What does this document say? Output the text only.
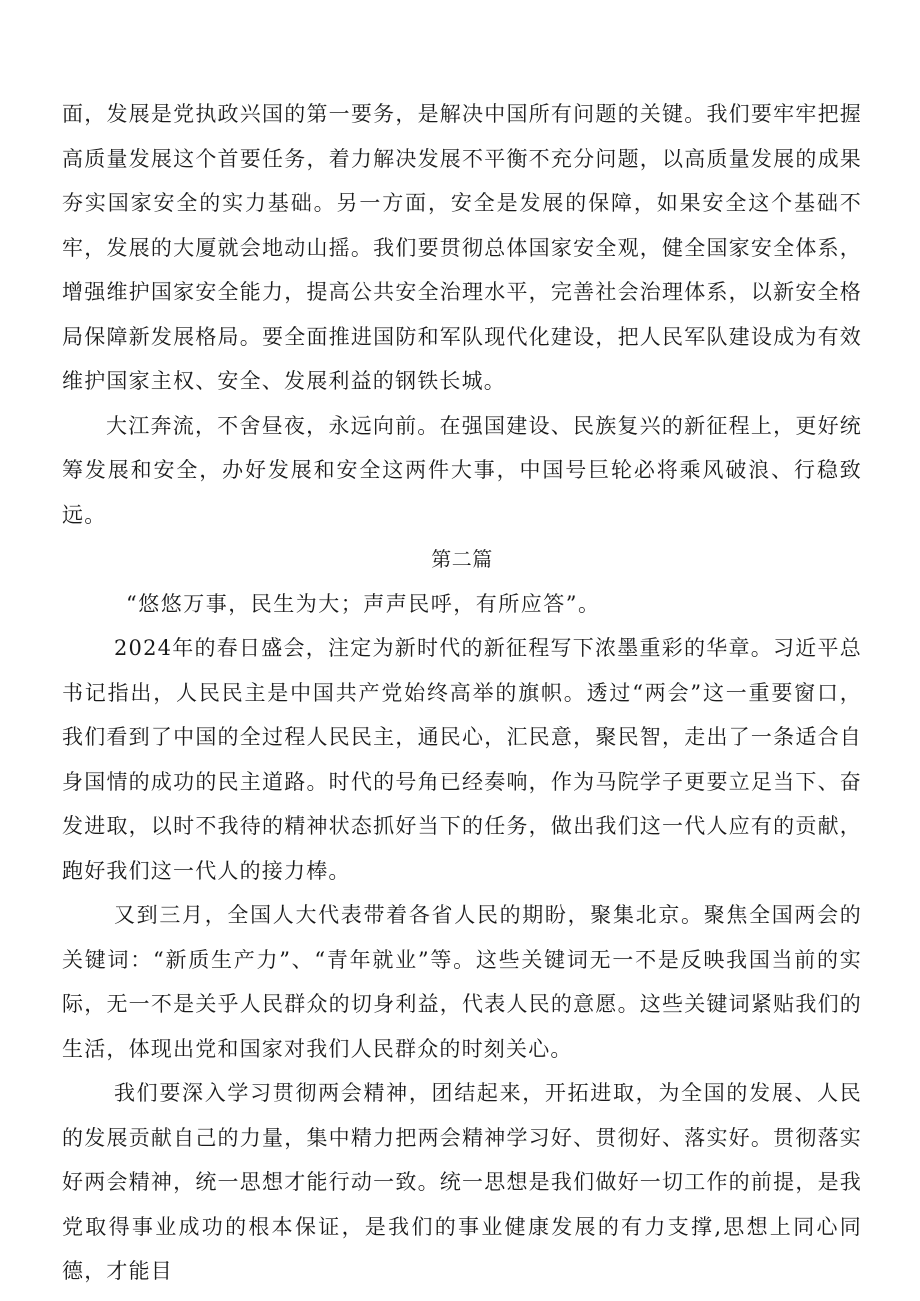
面，发展是党执政兴国的第一要务，是解决中国所有问题的关键。我们要牢牢把握高质量发展这个首要任务，着力解决发展不平衡不充分问题，以高质量发展的成果夯实国家安全的实力基础。另一方面，安全是发展的保障，如果安全这个基础不牢，发展的大厦就会地动山摇。我们要贯彻总体国家安全观，健全国家安全体系，增强维护国家安全能力，提高公共安全治理水平，完善社会治理体系，以新安全格局保障新发展格局。要全面推进国防和军队现代化建设，把人民军队建设成为有效维护国家主权、安全、发展利益的钢铁长城。

大江奔流，不舍昼夜，永远向前。在强国建设、民族复兴的新征程上，更好统筹发展和安全，办好发展和安全这两件大事，中国号巨轮必将乘风破浪、行稳致远。

第二篇

“悠悠万事，民生为大；声声民呼，有所应答”。

2024年的春日盛会，注定为新时代的新征程写下浓墨重彩的华章。习近平总书记指出，人民民主是中国共产党始终高举的旗帜。透过“两会”这一重要窗口，我们看到了中国的全过程人民民主，通民心，汇民意，聚民智，走出了一条适合自身国情的成功的民主道路。时代的号角已经奏响，作为马院学子更要立足当下、奋发进取，以时不我待的精神状态抓好当下的任务，做出我们这一代人应有的贡献，跑好我们这一代人的接力棒。

又到三月，全国人大代表带着各省人民的期盼，聚集北京。聚焦全国两会的关键词：“新质生产力”、“青年就业”等。这些关键词无一不是反映我国当前的实际，无一不是关乎人民群众的切身利益，代表人民的意愿。这些关键词紧贴我们的生活，体现出党和国家对我们人民群众的时刻关心。

我们要深入学习贯彻两会精神，团结起来，开拓进取，为全国的发展、人民的发展贡献自己的力量，集中精力把两会精神学习好、贯彻好、落实好。贯彻落实好两会精神，统一思想才能行动一致。统一思想是我们做好一切工作的前提，是我党取得事业成功的根本保证，是我们的事业健康发展的有力支撑,思想上同心同德，才能目
